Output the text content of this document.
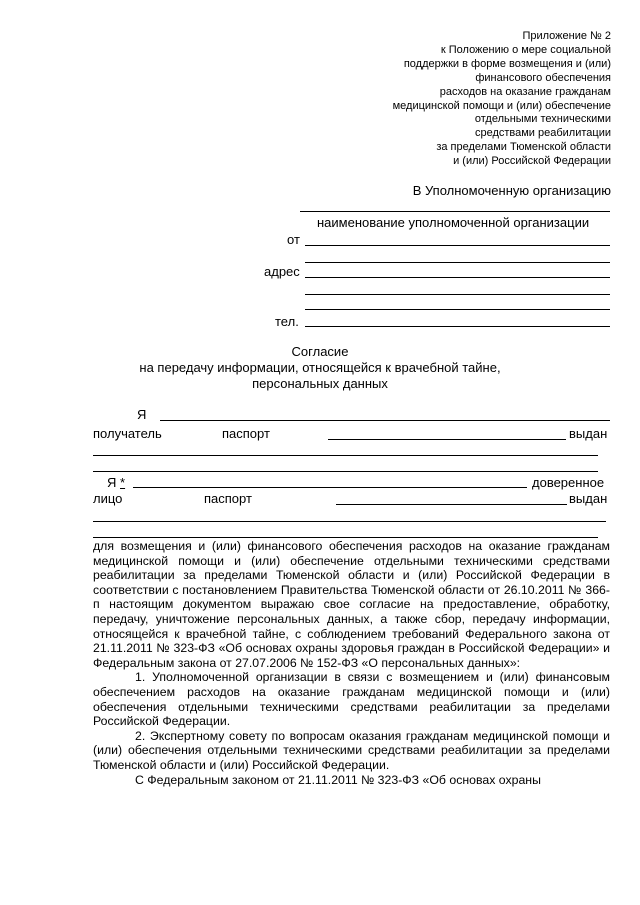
Приложение № 2
к Положению о мере социальной
поддержки в форме возмещения и (или)
финансового обеспечения
расходов на оказание гражданам
медицинской помощи и (или) обеспечение
отдельными техническими
средствами реабилитации
за пределами Тюменской области
и (или) Российской Федерации
В Уполномоченную организацию
наименование уполномоченной организации
от
адрес
тел.
Согласие
на передачу информации, относящейся к врачебной тайне,
персональных данных
Я
получатель	паспорт	выдан
Я *	доверенное
лицо	паспорт	выдан

для возмещения и (или) финансового обеспечения расходов на оказание гражданам медицинской помощи и (или) обеспечение отдельными техническими средствами реабилитации за пределами Тюменской области и (или) Российской Федерации в соответствии с постановлением Правительства Тюменской области от 26.10.2011 № 366-п настоящим документом выражаю свое согласие на предоставление, обработку, передачу, уничтожение персональных данных, а также сбор, передачу информации, относящейся к врачебной тайне, с соблюдением требований Федерального закона от 21.11.2011 № 323-ФЗ «Об основах охраны здоровья граждан в Российской Федерации» и Федеральным закона от 27.07.2006 № 152-ФЗ «О персональных данных»:

1. Уполномоченной организации в связи с возмещением и (или) финансовым обеспечением расходов на оказание гражданам медицинской помощи и (или) обеспечения отдельными техническими средствами реабилитации за пределами Российской Федерации.

2. Экспертному совету по вопросам оказания гражданам медицинской помощи и (или) обеспечения отдельными техническими средствами реабилитации за пределами Тюменской области и (или) Российской Федерации.

С Федеральным законом от 21.11.2011 № 323-ФЗ «Об основах охраны
